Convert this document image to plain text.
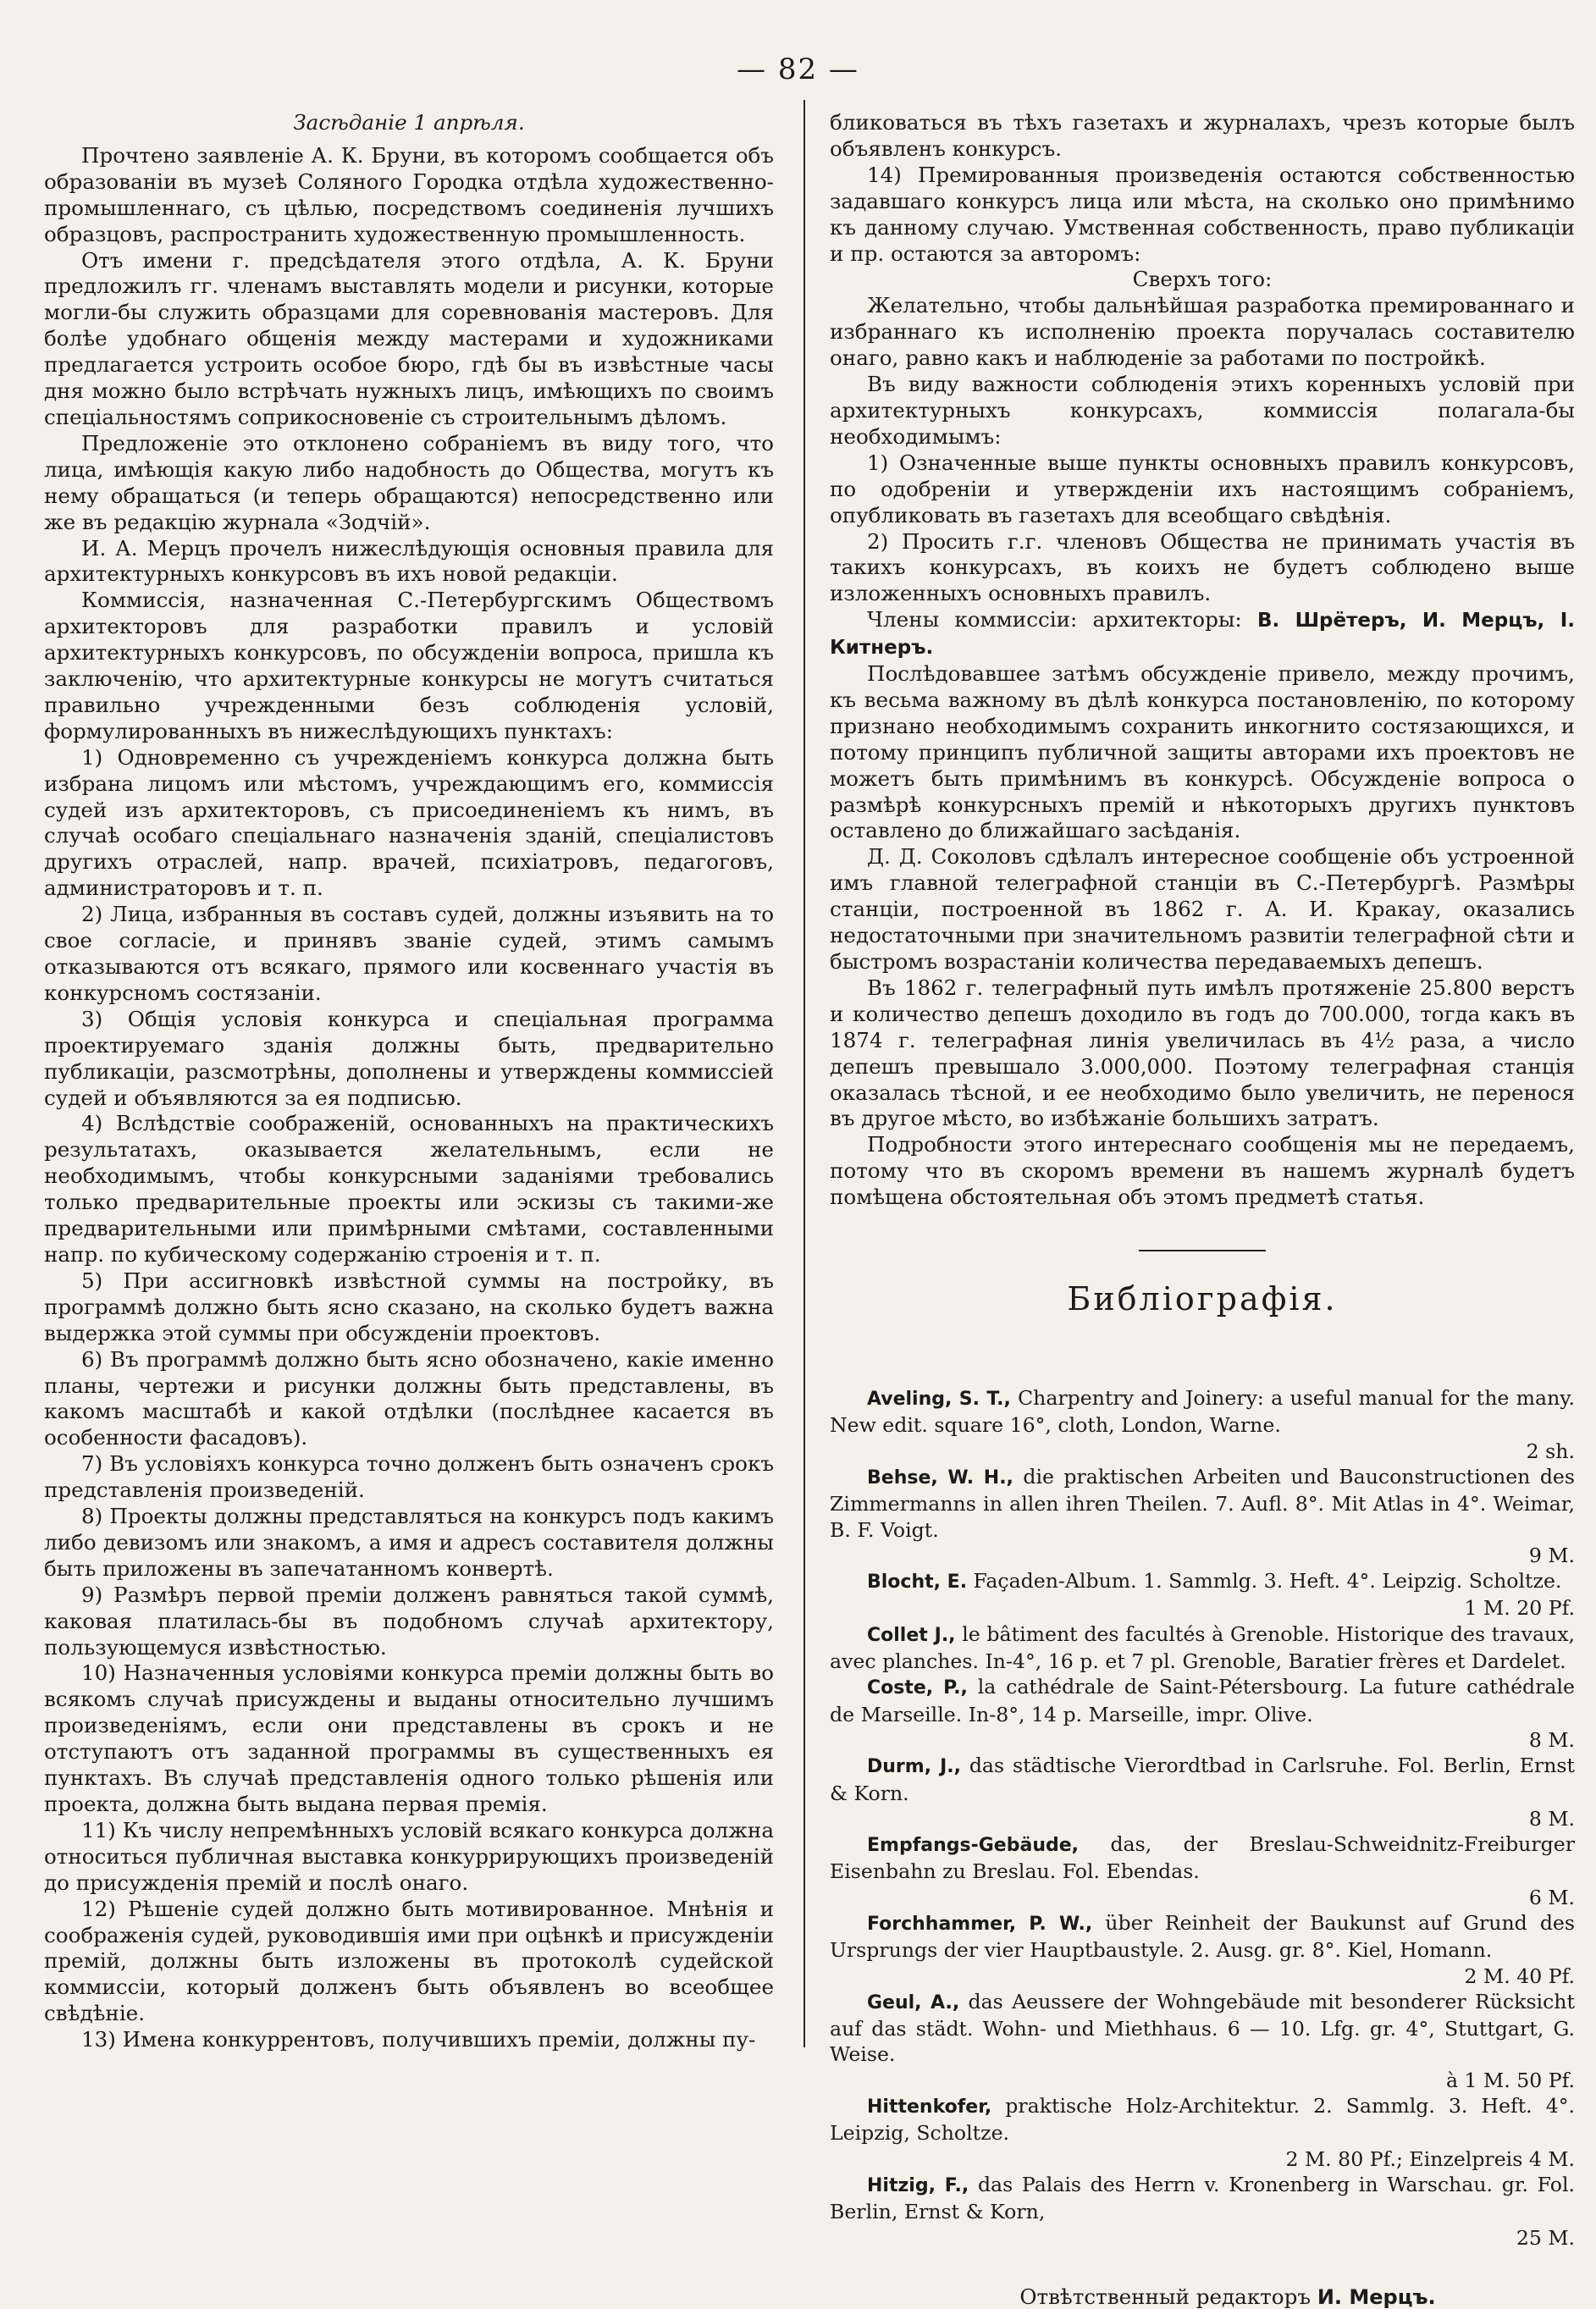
— 82 —

Засѣданіе 1 апрѣля.

Прочтено заявленіе А. К. Бруни, въ которомъ сообщается объ образованіи въ музеѣ Соляного Городка отдѣла художественно-промышленнаго, съ цѣлью, посредствомъ соединенія лучшихъ образцовъ, распространить художественную промышленность.

Отъ имени г. предсѣдателя этого отдѣла, А. К. Бруни предложилъ гг. членамъ выставлять модели и рисунки, которые могли-бы служить образцами для соревнованія мастеровъ. Для болѣе удобнаго общенія между мастерами и художниками предлагается устроить особое бюро, гдѣ бы въ извѣстные часы дня можно было встрѣчать нужныхъ лицъ, имѣющихъ по своимъ спеціальностямъ соприкосновеніе съ строительнымъ дѣломъ.

Предложеніе это отклонено собраніемъ въ виду того, что лица, имѣющія какую либо надобность до Общества, могутъ къ нему обращаться (и теперь обращаются) непосредственно или же въ редакцію журнала «Зодчій».

И. А. Мерцъ прочелъ нижеслѣдующія основныя правила для архитектурныхъ конкурсовъ въ ихъ новой редакціи.

Коммиссія, назначенная С.-Петербургскимъ Обществомъ архитекторовъ для разработки правилъ и условій архитектурныхъ конкурсовъ, по обсужденіи вопроса, пришла къ заключенію, что архитектурные конкурсы не могутъ считаться правильно учрежденными безъ соблюденія условій, формулированныхъ въ нижеслѣдующихъ пунктахъ:

1) Одновременно съ учрежденіемъ конкурса должна быть избрана лицомъ или мѣстомъ, учреждающимъ его, коммиссія судей изъ архитекторовъ, съ присоединеніемъ къ нимъ, въ случаѣ особаго спеціальнаго назначенія зданій, спеціалистовъ другихъ отраслей, напр. врачей, психіатровъ, педагоговъ, администраторовъ и т. п.

2) Лица, избранныя въ составъ судей, должны изъявить на то свое согласіе, и принявъ званіе судей, этимъ самымъ отказываются отъ всякаго, прямого или косвеннаго участія въ конкурсномъ состязаніи.

3) Общія условія конкурса и спеціальная программа проектируемаго зданія должны быть, предварительно публикаціи, разсмотрѣны, дополнены и утверждены коммиссіей судей и объявляются за ея подписью.

4) Вслѣдствіе соображеній, основанныхъ на практическихъ результатахъ, оказывается желательнымъ, если не необходимымъ, чтобы конкурсными заданіями требовались только предварительные проекты или эскизы съ такими-же предварительными или примѣрными смѣтами, составленными напр. по кубическому содержанію строенія и т. п.

5) При ассигновкѣ извѣстной суммы на постройку, въ программѣ должно быть ясно сказано, на сколько будетъ важна выдержка этой суммы при обсужденіи проектовъ.

6) Въ программѣ должно быть ясно обозначено, какіе именно планы, чертежи и рисунки должны быть представлены, въ какомъ масштабѣ и какой отдѣлки (послѣднее касается въ особенности фасадовъ).

7) Въ условіяхъ конкурса точно долженъ быть означенъ срокъ представленія произведеній.

8) Проекты должны представляться на конкурсъ подъ какимъ либо девизомъ или знакомъ, а имя и адресъ составителя должны быть приложены въ запечатанномъ конвертѣ.

9) Размѣръ первой преміи долженъ равняться такой суммѣ, каковая платилась-бы въ подобномъ случаѣ архитектору, пользующемуся извѣстностью.

10) Назначенныя условіями конкурса преміи должны быть во всякомъ случаѣ присуждены и выданы относительно лучшимъ произведеніямъ, если они представлены въ срокъ и не отступаютъ отъ заданной программы въ существенныхъ ея пунктахъ. Въ случаѣ представленія одного только рѣшенія или проекта, должна быть выдана первая премія.

11) Къ числу непремѣнныхъ условій всякаго конкурса должна относиться публичная выставка конкуррирующихъ произведеній до присужденія премій и послѣ онаго.

12) Рѣшеніе судей должно быть мотивированное. Мнѣнія и соображенія судей, руководившія ими при оцѣнкѣ и присужденіи премій, должны быть изложены въ протоколѣ судейской коммиссіи, который долженъ быть объявленъ во всеобщее свѣдѣніе.

13) Имена конкуррентовъ, получившихъ преміи, должны пу-

бликоваться въ тѣхъ газетахъ и журналахъ, чрезъ которые былъ объявленъ конкурсъ.

14) Премированныя произведенія остаются собственностью задавшаго конкурсъ лица или мѣста, на сколько оно примѣнимо къ данному случаю. Умственная собственность, право публикаціи и пр. остаются за авторомъ:

Сверхъ того:

Желательно, чтобы дальнѣйшая разработка премированнаго и избраннаго къ исполненію проекта поручалась составителю онаго, равно какъ и наблюденіе за работами по постройкѣ.

Въ виду важности соблюденія этихъ коренныхъ условій при архитектурныхъ конкурсахъ, коммиссія полагала-бы необходимымъ:

1) Означенные выше пункты основныхъ правилъ конкурсовъ, по одобреніи и утвержденіи ихъ настоящимъ собраніемъ, опубликовать въ газетахъ для всеобщаго свѣдѣнія.

2) Просить г.г. членовъ Общества не принимать участія въ такихъ конкурсахъ, въ коихъ не будетъ соблюдено выше изложенныхъ основныхъ правилъ.

Члены коммиссіи: архитекторы: В. Шрётеръ, И. Мерцъ, І. Китнеръ.

Послѣдовавшее затѣмъ обсужденіе привело, между прочимъ, къ весьма важному въ дѣлѣ конкурса постановленію, по которому признано необходимымъ сохранить инкогнито состязающихся, и потому принципъ публичной защиты авторами ихъ проектовъ не можетъ быть примѣнимъ въ конкурсѣ. Обсужденіе вопроса о размѣрѣ конкурсныхъ премій и нѣкоторыхъ другихъ пунктовъ оставлено до ближайшаго засѣданія.

Д. Д. Соколовъ сдѣлалъ интересное сообщеніе объ устроенной имъ главной телеграфной станціи въ С.-Петербургѣ. Размѣры станціи, построенной въ 1862 г. А. И. Кракау, оказались недостаточными при значительномъ развитіи телеграфной сѣти и быстромъ возрастаніи количества передаваемыхъ депешъ.

Въ 1862 г. телеграфный путь имѣлъ протяженіе 25.800 верстъ и количество депешъ доходило въ годъ до 700.000, тогда какъ въ 1874 г. телеграфная линія увеличилась въ 4½ раза, а число депешъ превышало 3.000,000. Поэтому телеграфная станція оказалась тѣсной, и ее необходимо было увеличить, не перенося въ другое мѣсто, во избѣжаніе большихъ затратъ.

Подробности этого интереснаго сообщенія мы не передаемъ, потому что въ скоромъ времени въ нашемъ журналѣ будетъ помѣщена обстоятельная объ этомъ предметѣ статья.

Библіографія.

Aveling, S. T., Charpentry and Joinery: a useful manual for the many. New edit. square 16°, cloth, London, Warne.

2 sh.

Behse, W. H., die praktischen Arbeiten und Bauconstructionen des Zimmermanns in allen ihren Theilen. 7. Aufl. 8°. Mit Atlas in 4°. Weimar, B. F. Voigt.

9 M.

Blocht, E. Façaden-Album. 1. Sammlg. 3. Heft. 4°. Leipzig. Scholtze.

1 M. 20 Pf.

Collet J., le bâtiment des facultés à Grenoble. Historique des travaux, avec planches. In-4°, 16 p. et 7 pl. Grenoble, Baratier frères et Dardelet.

Coste, P., la cathédrale de Saint-Pétersbourg. La future cathédrale de Marseille. In-8°, 14 p. Marseille, impr. Olive.

8 M.

Durm, J., das städtische Vierordtbad in Carlsruhe. Fol. Berlin, Ernst & Korn.

8 M.

Empfangs-Gebäude, das, der Breslau-Schweidnitz-Freiburger Eisenbahn zu Breslau. Fol. Ebendas.

6 M.

Forchhammer, P. W., über Reinheit der Baukunst auf Grund des Ursprungs der vier Hauptbaustyle. 2. Ausg. gr. 8°. Kiel, Homann.

2 M. 40 Pf.

Geul, A., das Aeussere der Wohngebäude mit besonderer Rücksicht auf das städt. Wohn- und Miethhaus. 6 — 10. Lfg. gr. 4°, Stuttgart, G. Weise.

à 1 M. 50 Pf.

Hittenkofer, praktische Holz-Architektur. 2. Sammlg. 3. Heft. 4°. Leipzig, Scholtze.

2 M. 80 Pf.; Einzelpreis 4 M.

Hitzig, F., das Palais des Herrn v. Kronenberg in Warschau. gr. Fol. Berlin, Ernst & Korn,

25 M.

Отвѣтственный редакторъ И. Мерцъ.
